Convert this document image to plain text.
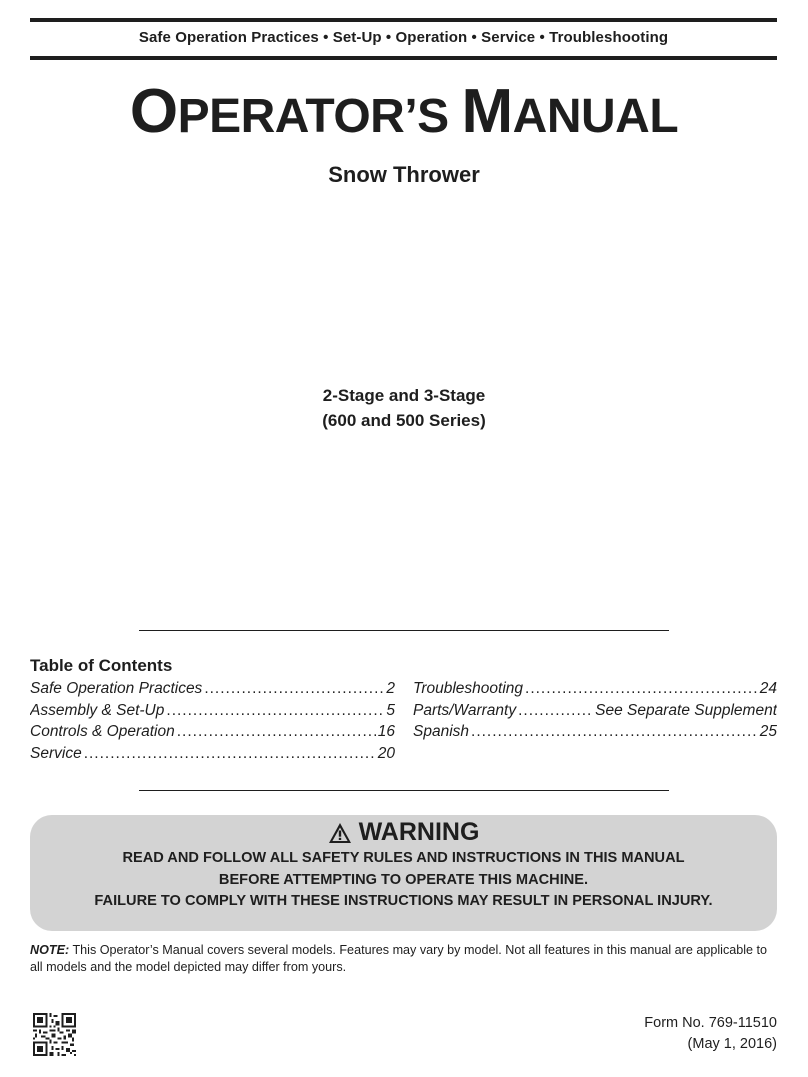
Safe Operation Practices • Set-Up • Operation • Service • Troubleshooting
OPERATOR’S MANUAL
Snow Thrower
2-Stage and 3-Stage
(600 and 500 Series)
Table of Contents
Safe Operation Practices .....	2
Assembly & Set-Up .....	5
Controls & Operation .....	16
Service .....	20
Troubleshooting .....	24
Parts/Warranty .....	See Separate Supplement
Spanish .....	25
WARNING
READ AND FOLLOW ALL SAFETY RULES AND INSTRUCTIONS IN THIS MANUAL
BEFORE ATTEMPTING TO OPERATE THIS MACHINE.
FAILURE TO COMPLY WITH THESE INSTRUCTIONS MAY RESULT IN PERSONAL INJURY.
NOTE: This Operator’s Manual covers several models. Features may vary by model. Not all features in this manual are applicable to all models and the model depicted may differ from yours.
Form No. 769-11510
(May 1, 2016)
